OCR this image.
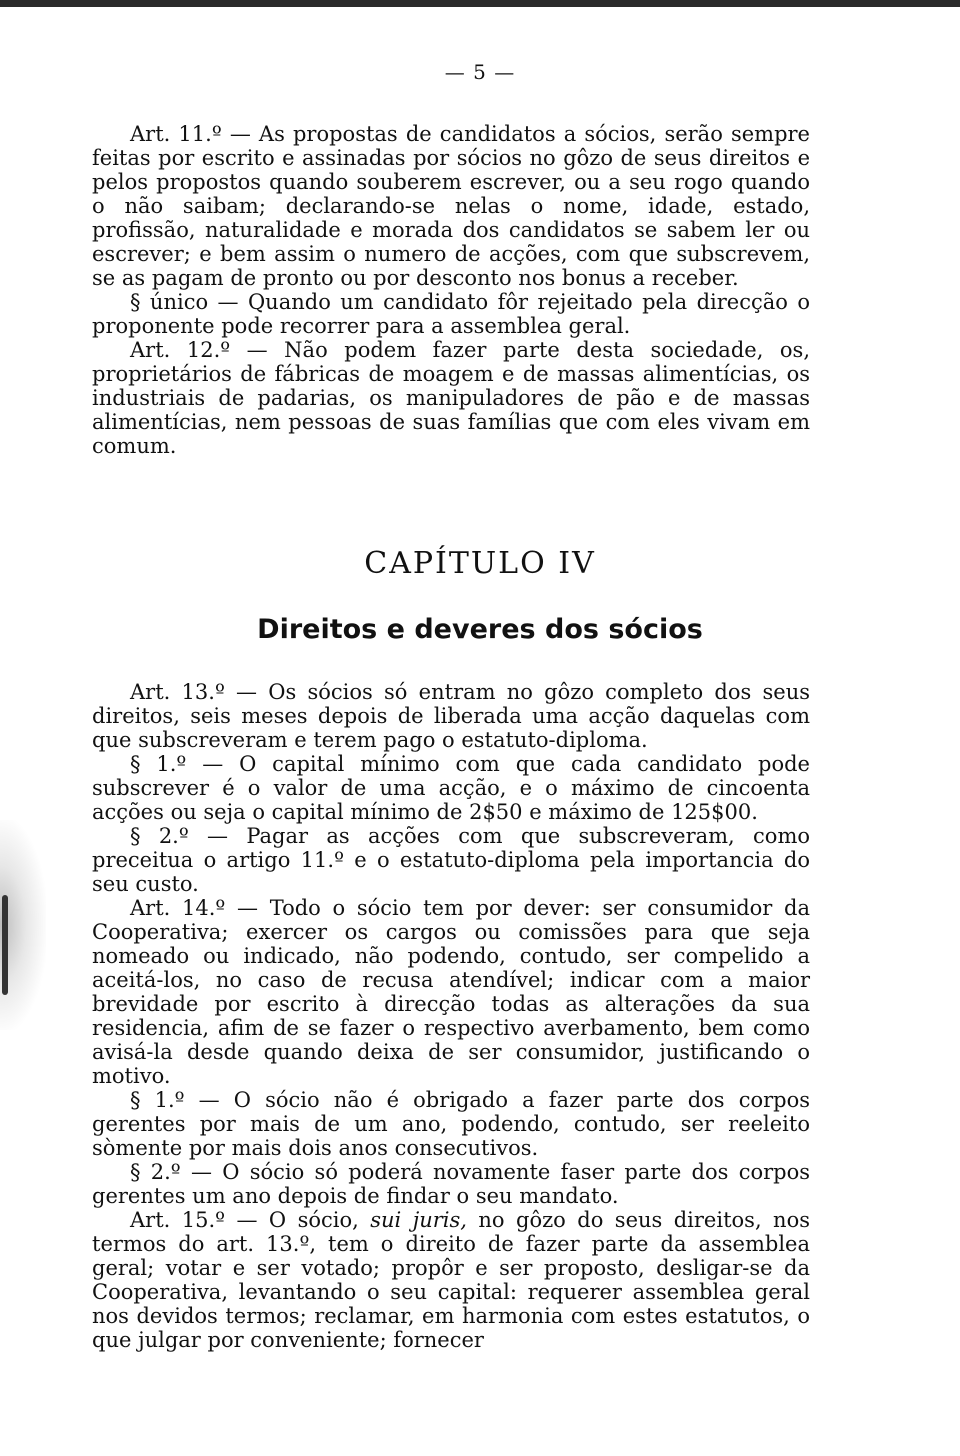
— 5 —

Art. 11.º — As propostas de candidatos a sócios, serão sempre feitas por escrito e assinadas por sócios no gôzo de seus direitos e pelos propostos quando souberem escrever, ou a seu rogo quando o não saibam; declarando-se nelas o nome, idade, estado, profissão, naturalidade e morada dos candidatos se sabem ler ou escrever; e bem assim o numero de acções, com que subscrevem, se as pagam de pronto ou por desconto nos bonus a receber.

§ único — Quando um candidato fôr rejeitado pela direcção o proponente pode recorrer para a assemblea geral.

Art. 12.º — Não podem fazer parte desta sociedade, os, proprietários de fábricas de moagem e de massas alimentícias, os industriais de padarias, os manipuladores de pão e de massas alimentícias, nem pessoas de suas famílias que com eles vivam em comum.

CAPÍTULO IV
Direitos e deveres dos sócios

Art. 13.º — Os sócios só entram no gôzo completo dos seus direitos, seis meses depois de liberada uma acção daquelas com que subscreveram e terem pago o estatuto-diploma.

§ 1.º — O capital mínimo com que cada candidato pode subscrever é o valor de uma acção, e o máximo de cincoenta acções ou seja o capital mínimo de 2$50 e máximo de 125$00.

§ 2.º — Pagar as acções com que subscreveram, como preceitua o artigo 11.º e o estatuto-diploma pela importancia do seu custo.

Art. 14.º — Todo o sócio tem por dever: ser consumidor da Cooperativa; exercer os cargos ou comissões para que seja nomeado ou indicado, não podendo, contudo, ser compelido a aceitá-los, no caso de recusa atendível; indicar com a maior brevidade por escrito à direcção todas as alterações da sua residencia, afim de se fazer o respectivo averbamento, bem como avisá-la desde quando deixa de ser consumidor, justificando o motivo.

§ 1.º — O sócio não é obrigado a fazer parte dos corpos gerentes por mais de um ano, podendo, contudo, ser reeleito sòmente por mais dois anos consecutivos.

§ 2.º — O sócio só poderá novamente faser parte dos corpos gerentes um ano depois de findar o seu mandato.

Art. 15.º — O sócio, sui juris, no gôzo do seus direitos, nos termos do art. 13.º, tem o direito de fazer parte da assemblea geral; votar e ser votado; propôr e ser proposto, desligar-se da Cooperativa, levantando o seu capital: requerer assemblea geral nos devidos termos; reclamar, em harmonia com estes estatutos, o que julgar por conveniente; fornecer
